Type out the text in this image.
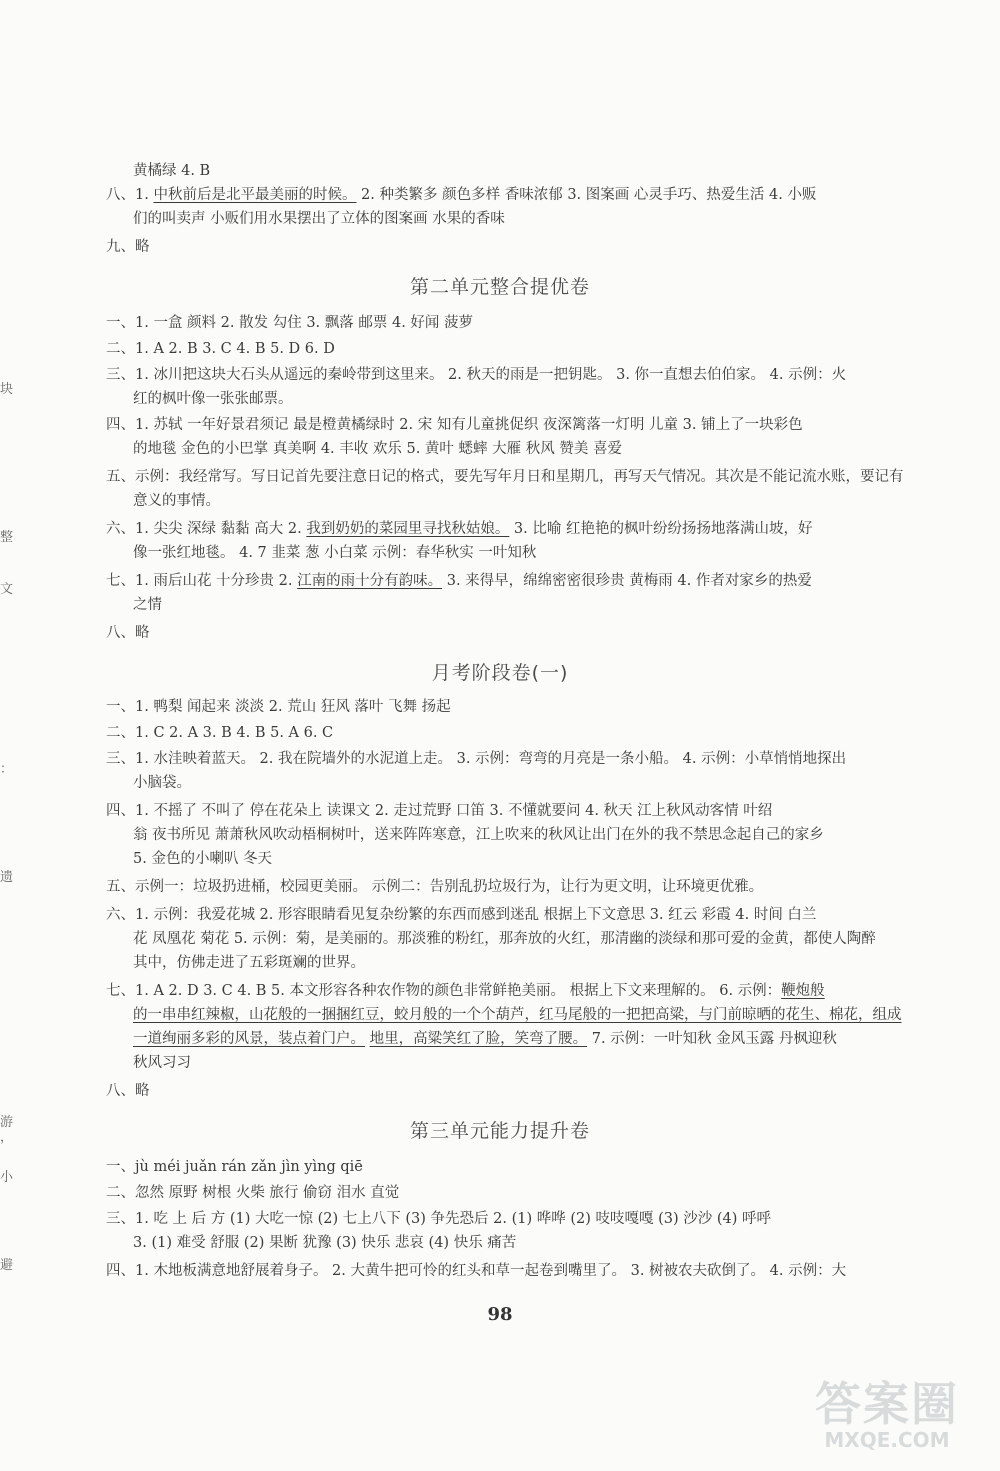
块
整
文
：
遗
游
，
小
避
黄橘绿 4. B
八、1. 中秋前后是北平最美丽的时候。 2. 种类繁多 颜色多样 香味浓郁 3. 图案画 心灵手巧、热爱生活 4. 小贩
们的叫卖声 小贩们用水果摆出了立体的图案画 水果的香味
九、略
第二单元整合提优卷
一、1. 一盒 颜料 2. 散发 勾住 3. 飘落 邮票 4. 好闻 菠萝
二、1. A 2. B 3. C 4. B 5. D 6. D
三、1. 冰川把这块大石头从遥远的秦岭带到这里来。 2. 秋天的雨是一把钥匙。 3. 你一直想去伯伯家。 4. 示例：火
红的枫叶像一张张邮票。
四、1. 苏轼 一年好景君须记 最是橙黄橘绿时 2. 宋 知有儿童挑促织 夜深篱落一灯明 儿童 3. 铺上了一块彩色
的地毯 金色的小巴掌 真美啊 4. 丰收 欢乐 5. 黄叶 蟋蟀 大雁 秋风 赞美 喜爱
五、示例：我经常写。写日记首先要注意日记的格式，要先写年月日和星期几，再写天气情况。其次是不能记流水账，要记有
意义的事情。
六、1. 尖尖 深绿 黏黏 高大 2. 我到奶奶的菜园里寻找秋姑娘。 3. 比喻 红艳艳的枫叶纷纷扬扬地落满山坡，好
像一张红地毯。 4. 7 韭菜 葱 小白菜 示例：春华秋实 一叶知秋
七、1. 雨后山花 十分珍贵 2. 江南的雨十分有韵味。 3. 来得早，绵绵密密很珍贵 黄梅雨 4. 作者对家乡的热爱
之情
八、略
月考阶段卷(一)
一、1. 鸭梨 闻起来 淡淡 2. 荒山 狂风 落叶 飞舞 扬起
二、1. C 2. A 3. B 4. B 5. A 6. C
三、1. 水洼映着蓝天。 2. 我在院墙外的水泥道上走。 3. 示例：弯弯的月亮是一条小船。 4. 示例：小草悄悄地探出
小脑袋。
四、1. 不摇了 不叫了 停在花朵上 读课文 2. 走过荒野 口笛 3. 不懂就要问 4. 秋天 江上秋风动客情 叶绍
翁 夜书所见 萧萧秋风吹动梧桐树叶，送来阵阵寒意，江上吹来的秋风让出门在外的我不禁思念起自己的家乡
5. 金色的小喇叭 冬天
五、示例一：垃圾扔进桶，校园更美丽。 示例二：告别乱扔垃圾行为，让行为更文明，让环境更优雅。
六、1. 示例：我爱花城 2. 形容眼睛看见复杂纷繁的东西而感到迷乱 根据上下文意思 3. 红云 彩霞 4. 时间 白兰
花 凤凰花 菊花 5. 示例：菊，是美丽的。那淡雅的粉红，那奔放的火红，那清幽的淡绿和那可爱的金黄，都使人陶醉
其中，仿佛走进了五彩斑斓的世界。
七、1. A 2. D 3. C 4. B 5. 本文形容各种农作物的颜色非常鲜艳美丽。 根据上下文来理解的。 6. 示例：鞭炮般
的一串串红辣椒，山花般的一捆捆红豆，蛟月般的一个个葫芦，红马尾般的一把把高粱，与门前晾晒的花生、棉花，组成
一道绚丽多彩的风景，装点着门户。 地里，高粱笑红了脸，笑弯了腰。 7. 示例：一叶知秋 金风玉露 丹枫迎秋
秋风习习
八、略
第三单元能力提升卷
一、jù méi juǎn rán zǎn jìn yìng qiē
二、忽然 原野 树根 火柴 旅行 偷窃 泪水 直觉
三、1. 吃 上 后 方 (1) 大吃一惊 (2) 七上八下 (3) 争先恐后 2. (1) 哗哗 (2) 吱吱嘎嘎 (3) 沙沙 (4) 呼呼
3. (1) 难受 舒服 (2) 果断 犹豫 (3) 快乐 悲哀 (4) 快乐 痛苦
四、1. 木地板满意地舒展着身子。 2. 大黄牛把可怜的红头和草一起卷到嘴里了。 3. 树被农夫砍倒了。 4. 示例：大
98
答案圈
MXQE.COM
